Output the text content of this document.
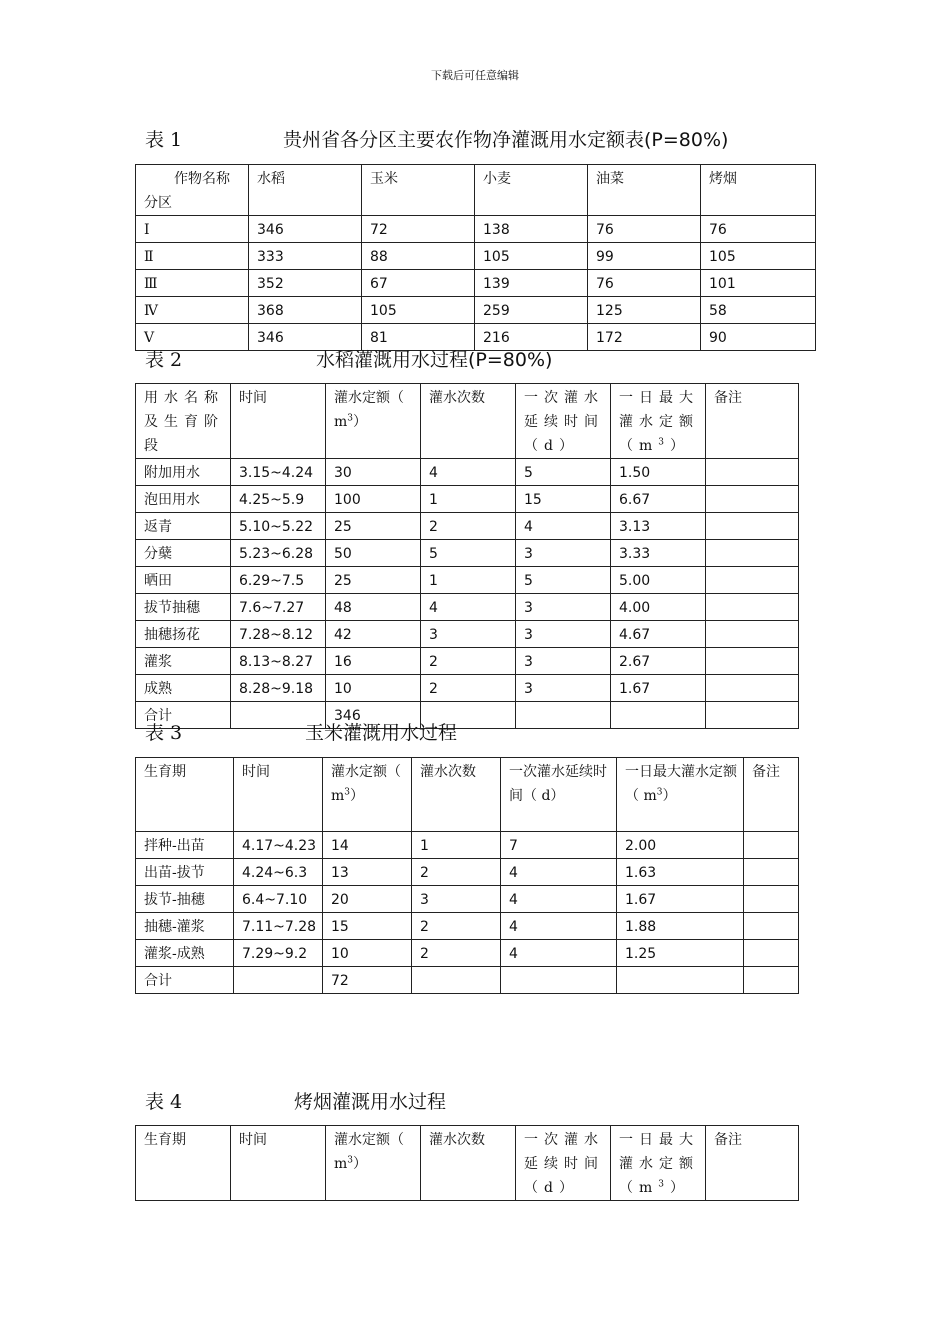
下载后可任意编辑
表 1	贵州省各分区主要农作物净灌溉用水定额表(P=80%)
作物名称
分区	水稻	玉米	小麦	油菜	烤烟
Ⅰ	346	72	138	76	76
Ⅱ	333	88	105	99	105
Ⅲ	352	67	139	76	101
Ⅳ	368	105	259	125	58
Ⅴ	346	81	216	172	90
表 2	水稻灌溉用水过程(P=80%)
用水名称及生育阶段	时间	灌水定额（ $m^3$）	灌水次数	一次灌水延续时间（d）	一日最大灌水定额$(m^3)$	备注
附加用水	3.15~4.24	30	4	5	1.50	
泡田用水	4.25~5.9	100	1	15	6.67	
返青	5.10~5.22	25	2	4	3.13	
分蘖	5.23~6.28	50	5	3	3.33	
晒田	6.29~7.5	25	1	5	5.00	
拔节抽穗	7.6~7.27	48	4	3	4.00	
抽穗扬花	7.28~8.12	42	3	3	4.67	
灌浆	8.13~8.27	16	2	3	2.67	
成熟	8.28~9.18	10	2	3	1.67	
合计		346				
表 3	玉米灌溉用水过程
生育期	时间	灌水定额（ $m^3$）	灌水次数	一次灌水延续时间（ d）	一日最大灌水定额（ $m^3$）	备注
拌种-出苗	4.17~4.23	14	1	7	2.00	
出苗-拔节	4.24~6.3	13	2	4	1.63	
拔节-抽穗	6.4~7.10	20	3	4	1.67	
抽穗-灌浆	7.11~7.28	15	2	4	1.88	
灌浆-成熟	7.29~9.2	10	2	4	1.25	
合计		72				
表 4	烤烟灌溉用水过程
生育期	时间	灌水定额（ $m^3$）	灌水次数	一次灌水延续时间（d）	一日最大灌水定额$(m^3)$	备注
